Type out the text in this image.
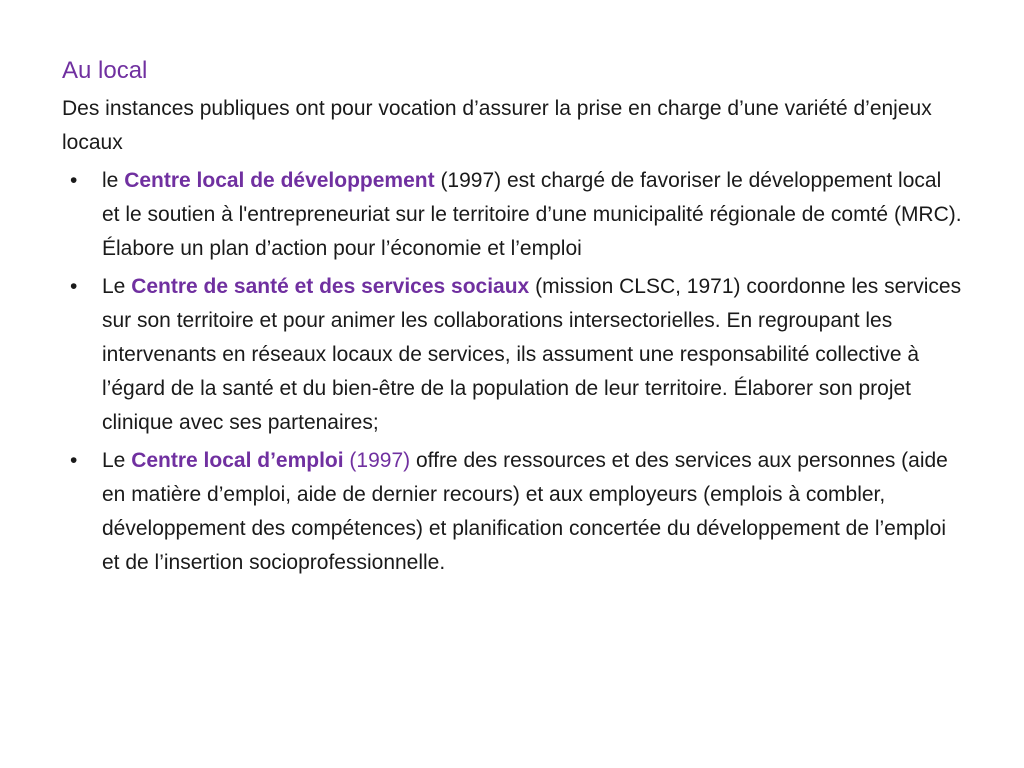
Au local
Des instances publiques ont pour vocation d’assurer la prise en charge d’une variété d’enjeux locaux
• le Centre local de développement (1997) est chargé de favoriser le développement local et le soutien à l'entrepreneuriat sur le territoire d’une municipalité régionale de comté (MRC). Élabore un plan d’action pour l’économie et l’emploi
• Le Centre de santé et des services sociaux (mission CLSC, 1971) coordonne les services sur son territoire et pour animer les collaborations intersectorielles. En regroupant les intervenants en réseaux locaux de services, ils assument une responsabilité collective à l’égard de la santé et du bien-être de la population de leur territoire. Élaborer son projet clinique avec ses partenaires;
• Le Centre local d’emploi (1997) offre des ressources et des services aux personnes (aide en matière d’emploi, aide de dernier recours) et aux employeurs (emplois à combler, développement des compétences) et planification concertée du développement de l’emploi et de l’insertion socioprofessionnelle.
